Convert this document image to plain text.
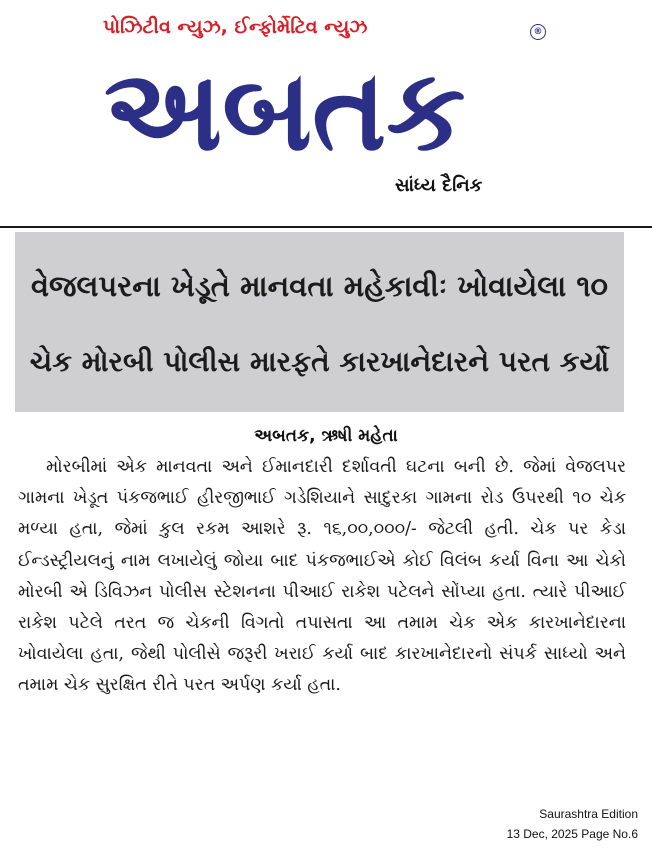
પોઝિટીવ ન્યુઝ, ઈન્ફોર્મેટિવ ન્યુઝ	®
અબતક
સાંધ્ય દૈનિક
વેજલપરના ખેડૂતે માનવતા મહેકાવીઃ ખોવાયેલા ૧૦
ચેક મોરબી પોલીસ મારફતે કારખાનેદારને પરત કર્યો
અબતક, ઋષી મહેતા

મોરબીમાં એક માનવતા અને ઈમાનદારી દર્શાવતી ઘટના બની છે. જેમાં વેજલપર ગામના ખેડૂત પંકજભાઈ હીરજીભાઈ ગડેશિયાને સાદુરકા ગામના રોડ ઉપરથી ૧૦ ચેક મળ્યા હતા, જેમાં કુલ રકમ આશરે રૂ. ૧૬,૦૦,૦૦૦/- જેટલી હતી. ચેક પર કેડા ઈન્ડસ્ટ્રીયલનું નામ લખાયેલું જોયા બાદ પંકજભાઈએ કોઈ વિલંબ કર્યા વિના આ ચેકો મોરબી એ ડિવિઝન પોલીસ સ્ટેશનના પીઆઈ રાકેશ પટેલને સોંપ્યા હતા. ત્યારે પીઆઈ રાકેશ પટેલે તરત જ ચેકની વિગતો તપાસતા આ તમામ ચેક એક કારખાનેદારના ખોવાયેલા હતા, જેથી પોલીસે જરૂરી ખરાઈ કર્યા બાદ કારખાનેદારનો સંપર્ક સાધ્યો અને તમામ ચેક સુરક્ષિત રીતે પરત અર્પણ કર્યા હતા.

Saurashtra Edition
13 Dec, 2025 Page No.6
